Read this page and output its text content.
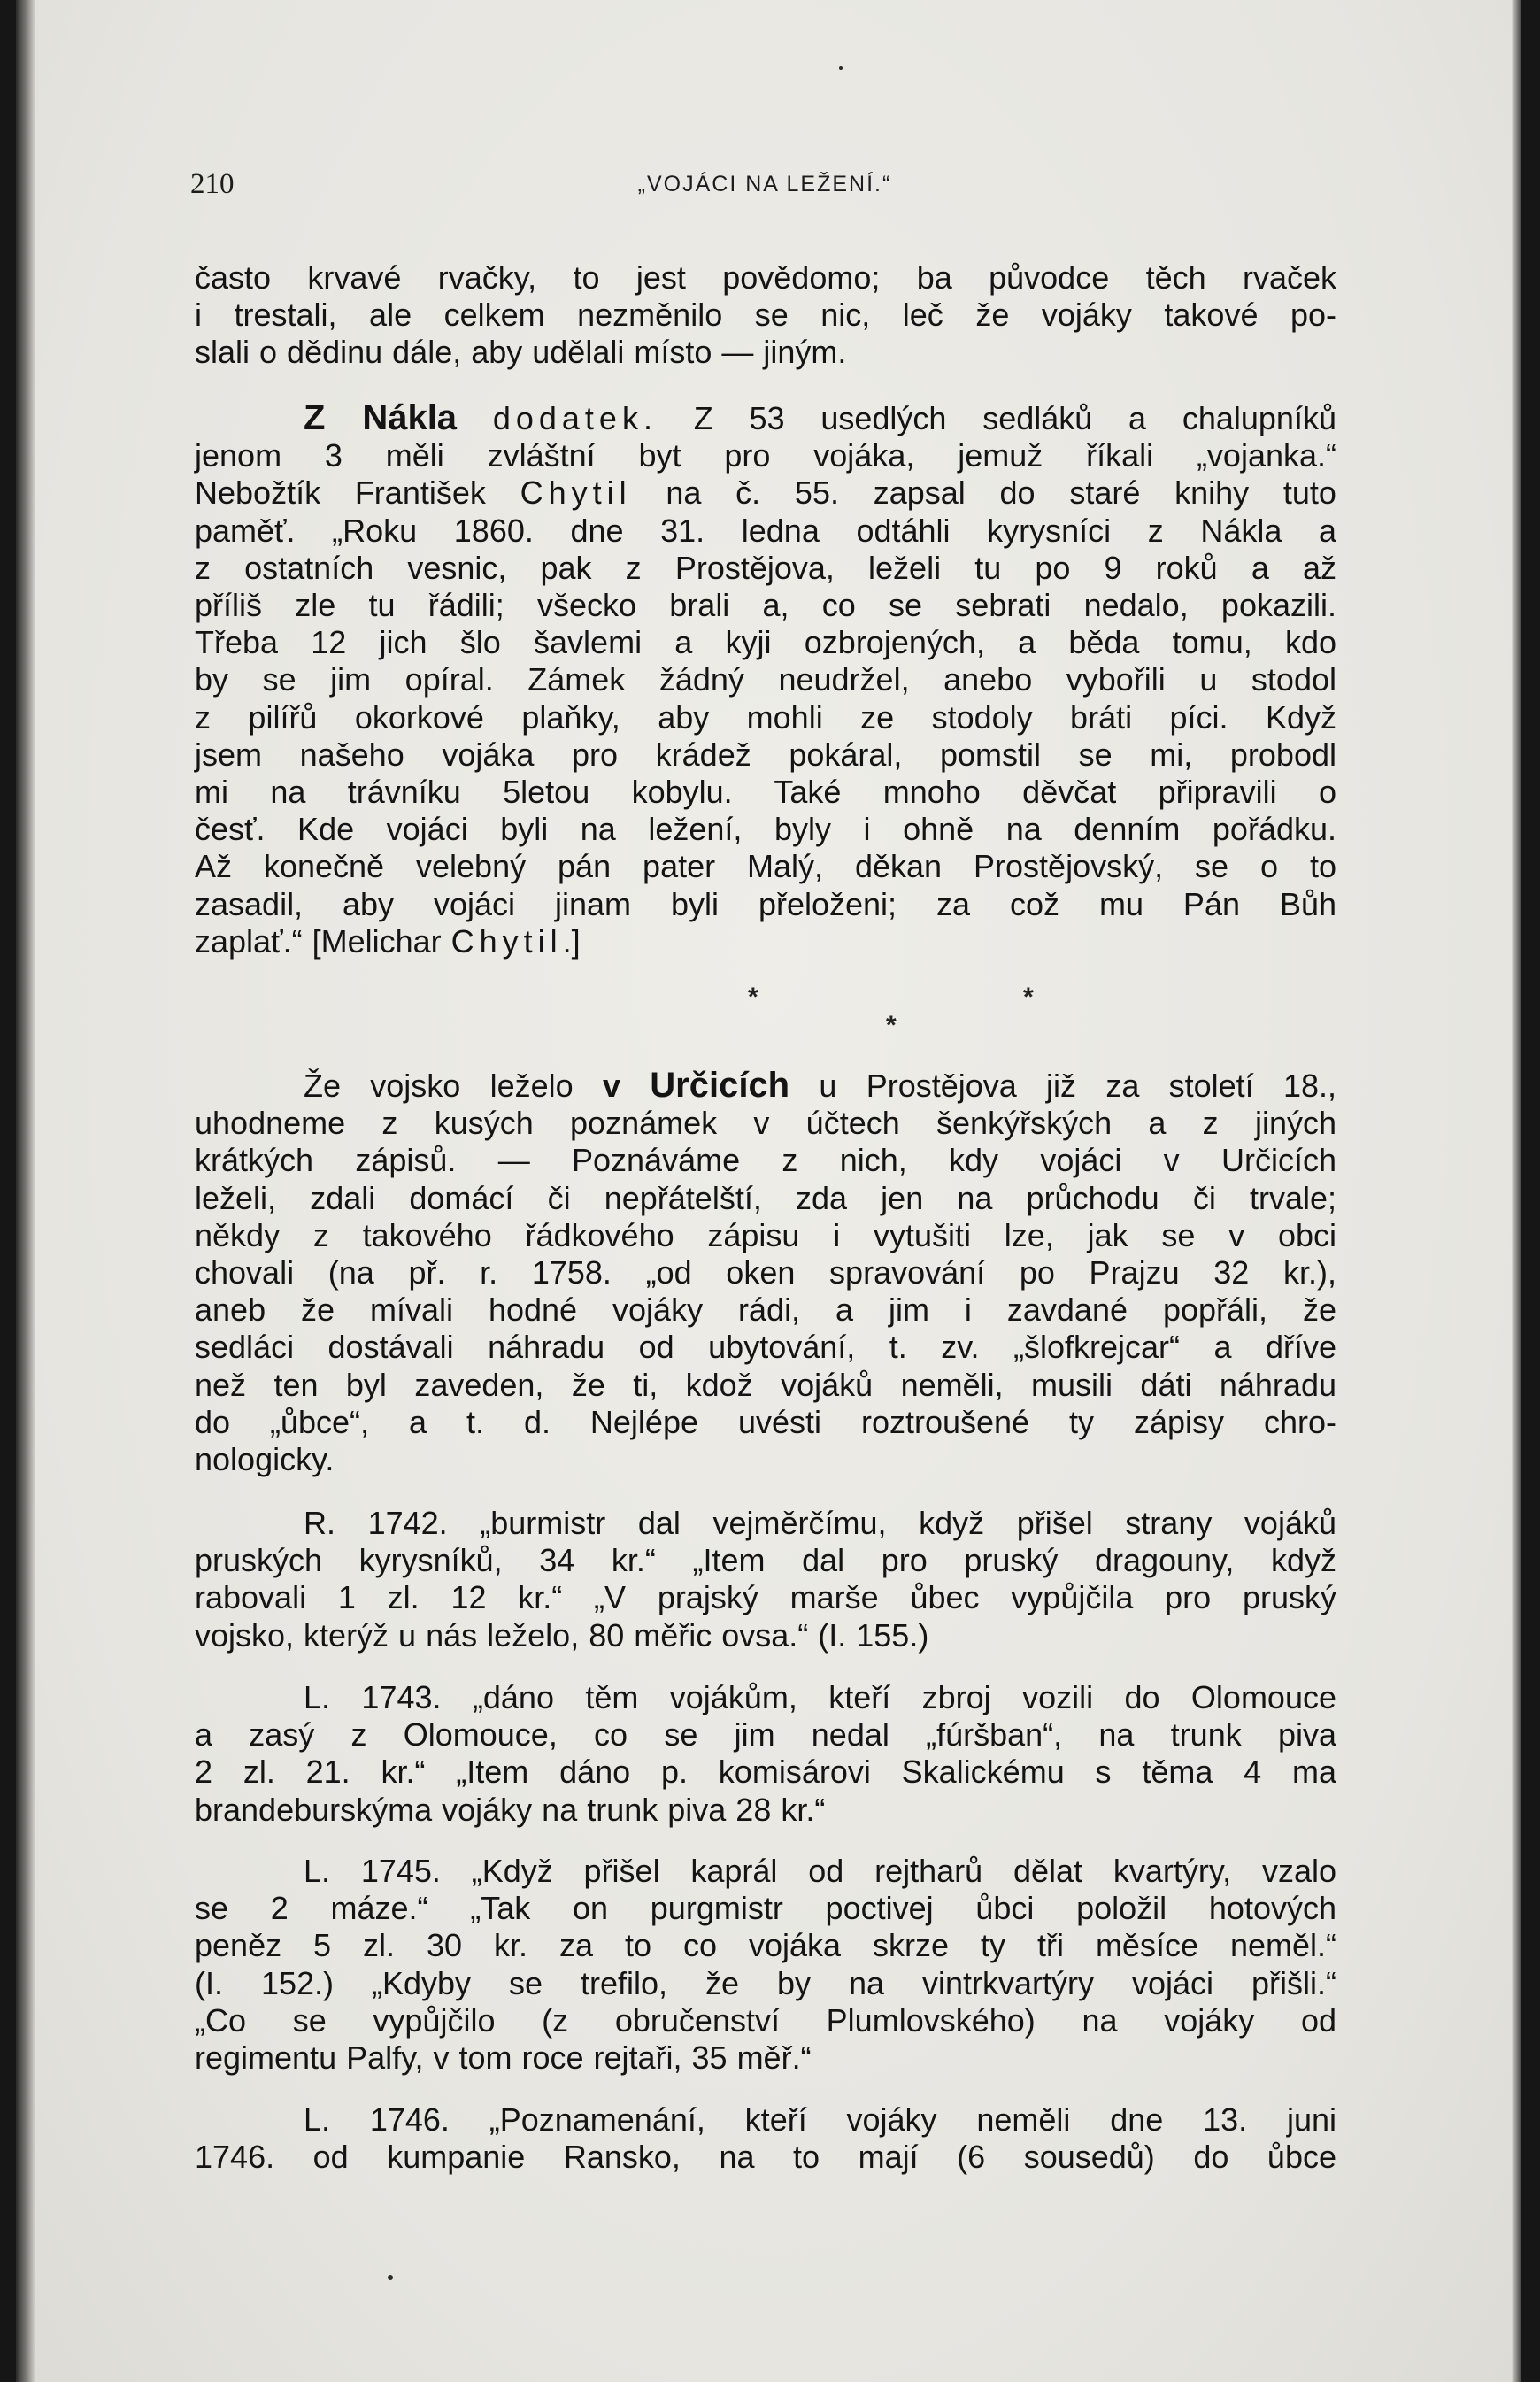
210	„VOJÁCI NA LEŽENÍ.“
často krvavé rvačky, to jest povědomo; ba původce těch rvaček
i trestali, ale celkem nezměnilo se nic, leč že vojáky takové po-
slali o dědinu dále, aby udělali místo — jiným.
Z Nákla dodatek. Z 53 usedlých sedláků a chalupníků
jenom 3 měli zvláštní byt pro vojáka, jemuž říkali „vojanka.“
Nebožtík František Chytil na č. 55. zapsal do staré knihy tuto
paměť. „Roku 1860. dne 31. ledna odtáhli kyrysníci z Nákla a
z ostatních vesnic, pak z Prostějova, leželi tu po 9 roků a až
příliš zle tu řádili; všecko brali a, co se sebrati nedalo, pokazili.
Třeba 12 jich šlo šavlemi a kyji ozbrojených, a běda tomu, kdo
by se jim opíral. Zámek žádný neudržel, anebo vybořili u stodol
z pilířů okorkové plaňky, aby mohli ze stodoly bráti píci. Když
jsem našeho vojáka pro krádež pokáral, pomstil se mi, probodl
mi na trávníku 5letou kobylu. Také mnoho děvčat připravili o
česť. Kde vojáci byli na ležení, byly i ohně na denním pořádku.
Až konečně velebný pán pater Malý, děkan Prostějovský, se o to
zasadil, aby vojáci jinam byli přeloženi; za což mu Pán Bůh
zaplať.“ [Melichar Chytil.]
*	*
*
Že vojsko leželo v Určicích u Prostějova již za století 18.,
uhodneme z kusých poznámek v účtech šenkýřských a z jiných
krátkých zápisů. — Poznáváme z nich, kdy vojáci v Určicích
leželi, zdali domácí či nepřátelští, zda jen na průchodu či trvale;
někdy z takového řádkového zápisu i vytušiti lze, jak se v obci
chovali (na př. r. 1758. „od oken spravování po Prajzu 32 kr.),
aneb že mívali hodné vojáky rádi, a jim i zavdané popřáli, že
sedláci dostávali náhradu od ubytování, t. zv. „šlofkrejcar“ a dříve
než ten byl zaveden, že ti, kdož vojáků neměli, musili dáti náhradu
do „ůbce“, a t. d. Nejlépe uvésti roztroušené ty zápisy chro-
nologicky.
R. 1742. „burmistr dal vejměrčímu, když přišel strany vojáků
pruských kyrysníků, 34 kr.“ „Item dal pro pruský dragouny, když
rabovali 1 zl. 12 kr.“ „V prajský marše ůbec vypůjčila pro pruský
vojsko, kterýž u nás leželo, 80 měřic ovsa.“ (I. 155.)
L. 1743. „dáno těm vojákům, kteří zbroj vozili do Olomouce
a zasý z Olomouce, co se jim nedal „fúršban“, na trunk piva
2 zl. 21. kr.“ „Item dáno p. komisárovi Skalickému s těma 4 ma
brandeburskýma vojáky na trunk piva 28 kr.“
L. 1745. „Když přišel kaprál od rejtharů dělat kvartýry, vzalo
se 2 máze.“ „Tak on purgmistr poctivej ůbci položil hotových
peněz 5 zl. 30 kr. za to co vojáka skrze ty tři měsíce neměl.“
(I. 152.) „Kdyby se trefilo, že by na vintrkvartýry vojáci přišli.“
„Co se vypůjčilo (z obručenství Plumlovského) na vojáky od
regimentu Palfy, v tom roce rejtaři, 35 měř.“
L. 1746. „Poznamenání, kteří vojáky neměli dne 13. juni
1746. od kumpanie Ransko, na to mají (6 sousedů) do ůbce
